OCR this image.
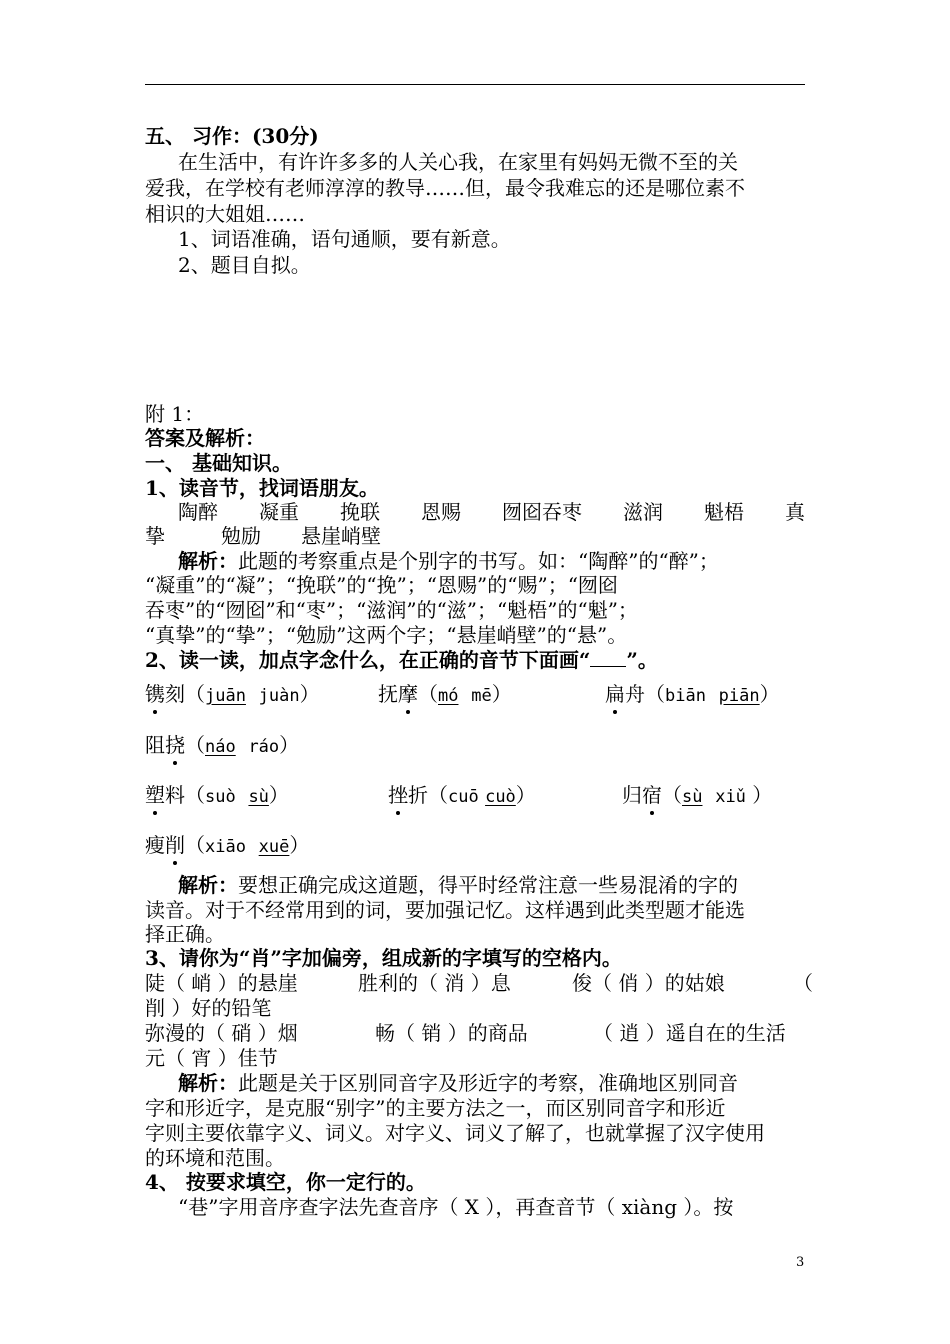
五、 习作：(30分)
在生活中，有许许多多的人关心我，在家里有妈妈无微不至的关
爱我，在学校有老师淳淳的教导……但，最令我难忘的还是哪位素不
相识的大姐姐……
1、词语准确，语句通顺，要有新意。
2、题目自拟。
附 1：
答案及解析：
一、 基础知识。
1、读音节，找词语朋友。
陶醉 凝重 挽联 恩赐 囫囵吞枣 滋润 魁梧 真
挚	勉励 悬崖峭壁
解析：此题的考察重点是个别字的书写。如：“陶醉”的“醉”；
“凝重”的“凝”；“挽联”的“挽”；“恩赐”的“赐”；“囫囵
吞枣”的“囫囵”和“枣”；“滋润”的“滋”；“魁梧”的“魁”；
“真挚”的“挚”；“勉励”这两个字；“悬崖峭壁”的“悬”。
2、读一读，加点字念什么，在正确的音节下面画“ ”。
镌刻（juān juàn）	抚摩（mó mē）	扁舟（biān piān）
阻挠（náo ráo）
塑料（suò sù）	挫折（cuō cuò）	归宿（sù xiǔ ）
瘦削（xiāo xuē）
解析：要想正确完成这道题，得平时经常注意一些易混淆的字的
读音。对于不经常用到的词，要加强记忆。这样遇到此类型题才能选
择正确。
3、请你为“肖”字加偏旁，组成新的字填写的空格内。
陡（ 峭 ）的悬崖	胜利的（ 消 ）息	俊（ 俏 ）的姑娘	（
削 ）好的铅笔
弥漫的（ 硝 ）烟	畅（ 销 ）的商品	（ 逍 ）遥自在的生活
元（ 宵 ）佳节
解析：此题是关于区别同音字及形近字的考察，准确地区别同音
字和形近字，是克服“别字”的主要方法之一，而区别同音字和形近
字则主要依靠字义、词义。对字义、词义了解了，也就掌握了汉字使用
的环境和范围。
4、 按要求填空，你一定行的。
“巷”字用音序查字法先查音序（ X ），再查音节（ xiàng ）。按
3
